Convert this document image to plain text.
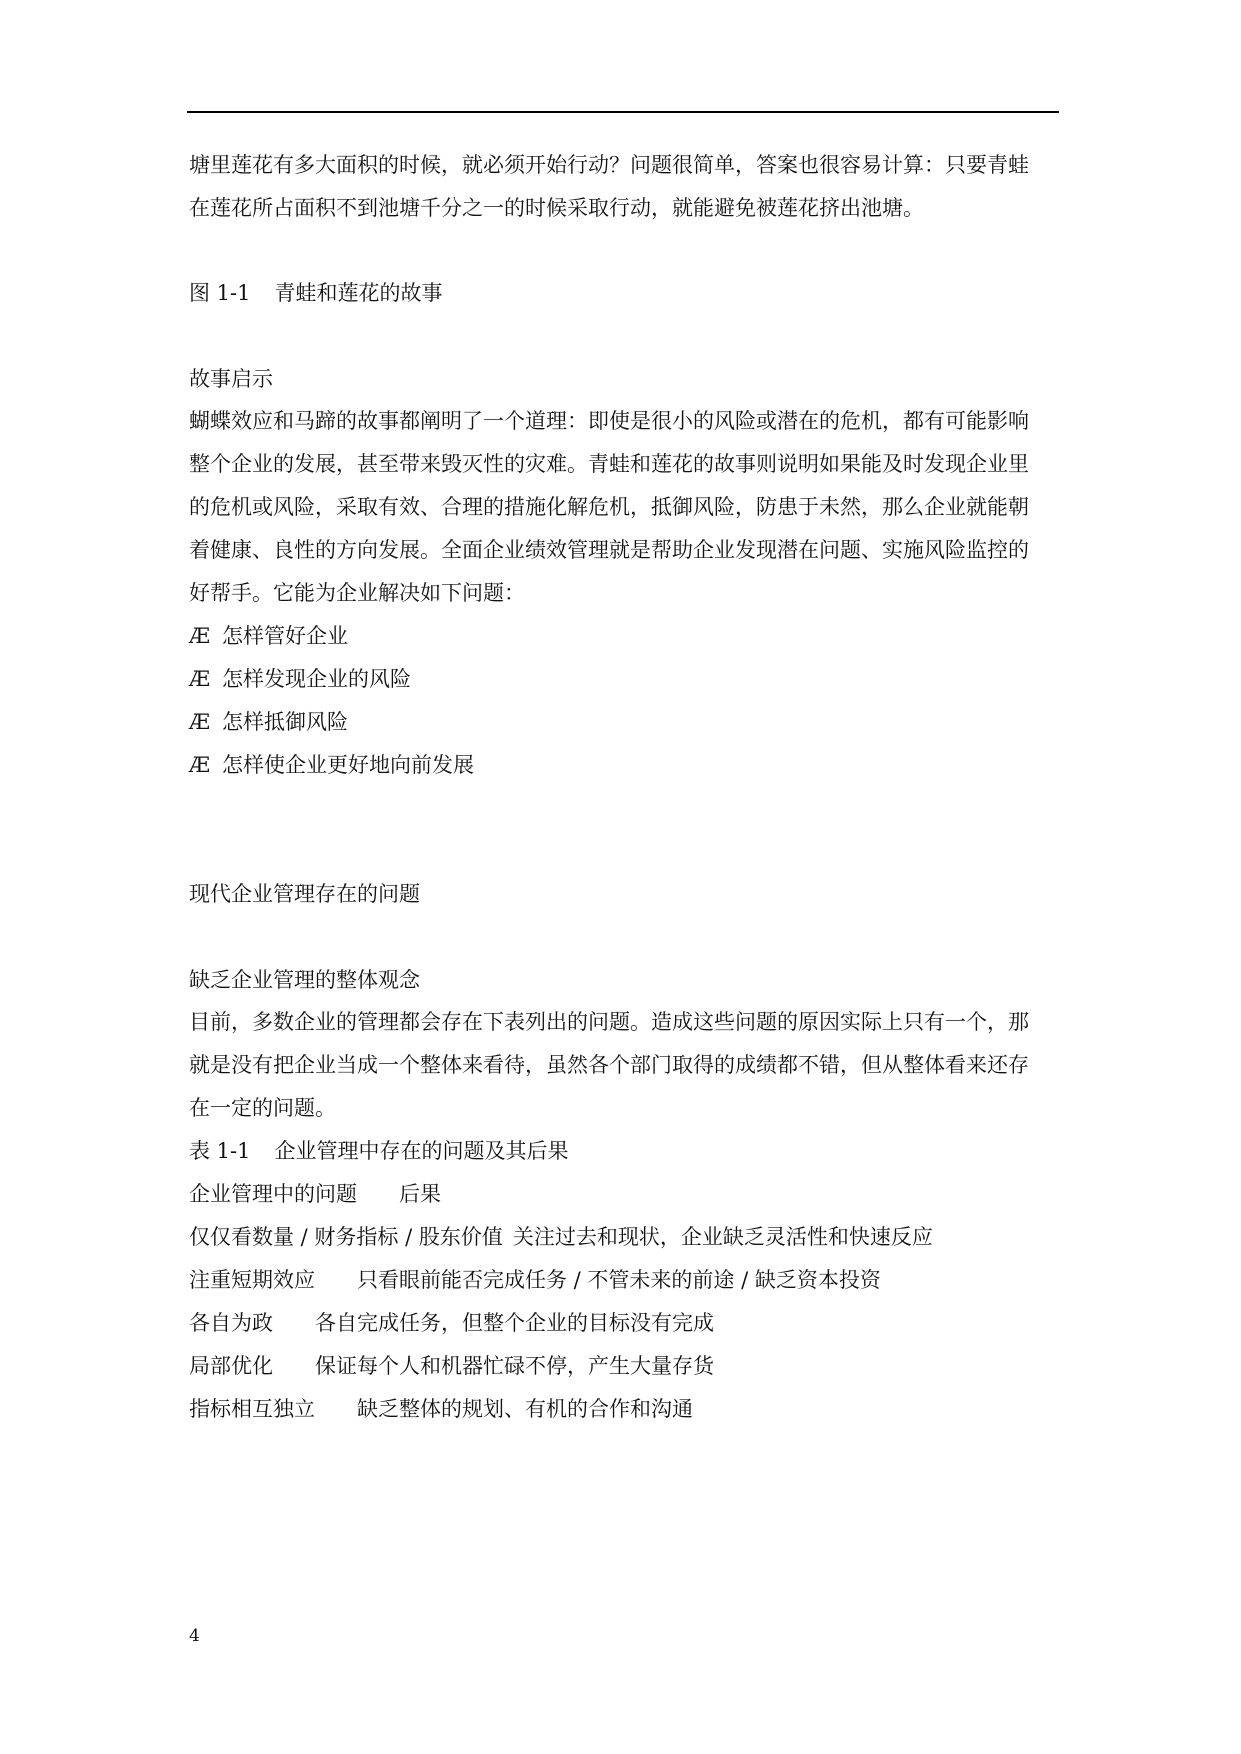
塘里莲花有多大面积的时候，就必须开始行动？问题很简单，答案也很容易计算：只要青蛙
在莲花所占面积不到池塘千分之一的时候采取行动，就能避免被莲花挤出池塘。
图 1-1 青蛙和莲花的故事
故事启示
蝴蝶效应和马蹄的故事都阐明了一个道理：即使是很小的风险或潜在的危机，都有可能影响
整个企业的发展，甚至带来毁灭性的灾难。青蛙和莲花的故事则说明如果能及时发现企业里
的危机或风险，采取有效、合理的措施化解危机，抵御风险，防患于未然，那么企业就能朝
着健康、良性的方向发展。全面企业绩效管理就是帮助企业发现潜在问题、实施风险监控的
好帮手。它能为企业解决如下问题：
Æ 怎样管好企业
Æ 怎样发现企业的风险
Æ 怎样抵御风险
Æ 怎样使企业更好地向前发展
现代企业管理存在的问题
缺乏企业管理的整体观念
目前，多数企业的管理都会存在下表列出的问题。造成这些问题的原因实际上只有一个，那
就是没有把企业当成一个整体来看待，虽然各个部门取得的成绩都不错，但从整体看来还存
在一定的问题。
表 1-1 企业管理中存在的问题及其后果
企业管理中的问题 后果
仅仅看数量 / 财务指标 / 股东价值 关注过去和现状，企业缺乏灵活性和快速反应
注重短期效应 只看眼前能否完成任务 / 不管未来的前途 / 缺乏资本投资
各自为政 各自完成任务，但整个企业的目标没有完成
局部优化 保证每个人和机器忙碌不停，产生大量存货
指标相互独立 缺乏整体的规划、有机的合作和沟通
4
